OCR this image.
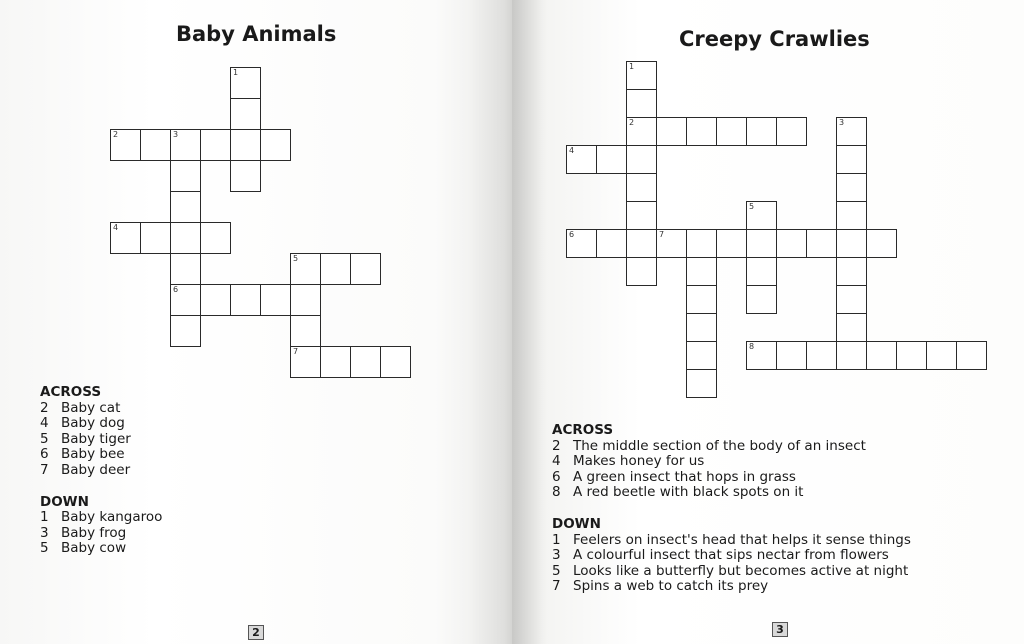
Baby Animals	Creepy Crawlies
1
2	3
4
5
6
7
1
2	3
4
5
6	7
8
ACROSS
2 Baby cat
4 Baby dog
5 Baby tiger
6 Baby bee
7 Baby deer
DOWN
1 Baby kangaroo
3 Baby frog
5 Baby cow
ACROSS
2 The middle section of the body of an insect
4 Makes honey for us
6 A green insect that hops in grass
8 A red beetle with black spots on it
DOWN
1 Feelers on insect's head that helps it sense things
3 A colourful insect that sips nectar from flowers
5 Looks like a butterfly but becomes active at night
7 Spins a web to catch its prey
2	3
